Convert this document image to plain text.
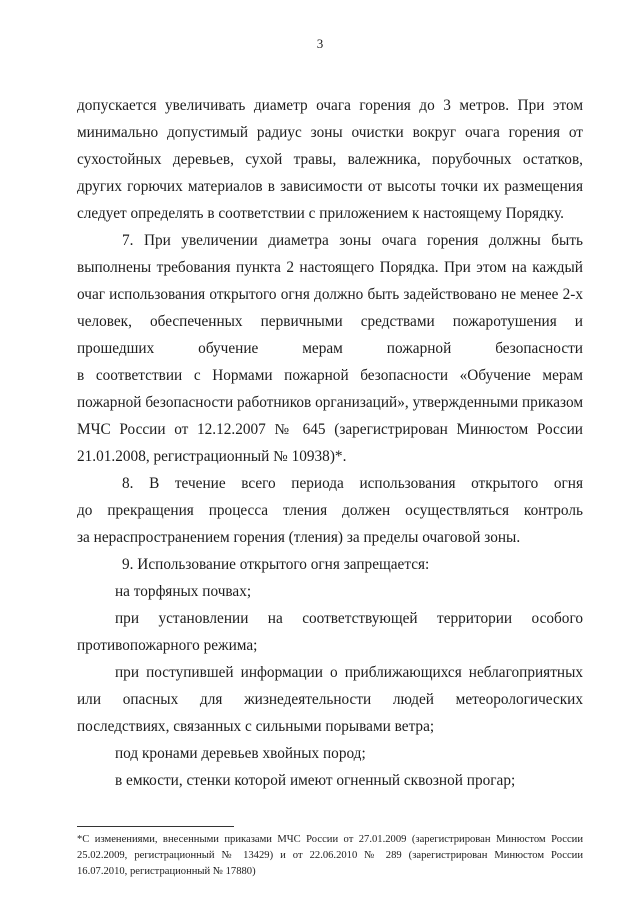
3
допускается увеличивать диаметр очага горения до 3 метров. При этом
минимально допустимый радиус зоны очистки вокруг очага горения от
сухостойных деревьев, сухой травы, валежника, порубочных остатков,
других горючих материалов в зависимости от высоты точки их размещения
следует определять в соответствии с приложением к настоящему Порядку.
7. При увеличении диаметра зоны очага горения должны быть
выполнены требования пункта 2 настоящего Порядка. При этом на каждый
очаг использования открытого огня должно быть задействовано не менее 2-х
человек, обеспеченных первичными средствами пожаротушения и
прошедших обучение мерам пожарной безопасности
в соответствии с Нормами пожарной безопасности «Обучение мерам
пожарной безопасности работников организаций», утвержденными приказом
МЧС России от 12.12.2007 № 645 (зарегистрирован Минюстом России
21.01.2008, регистрационный № 10938)*.
8. В течение всего периода использования открытого огня
до прекращения процесса тления должен осуществляться контроль
за нераспространением горения (тления) за пределы очаговой зоны.
9. Использование открытого огня запрещается:
на торфяных почвах;
при установлении на соответствующей территории особого
противопожарного режима;
при поступившей информации о приближающихся неблагоприятных
или опасных для жизнедеятельности людей метеорологических
последствиях, связанных с сильными порывами ветра;
под кронами деревьев хвойных пород;
в емкости, стенки которой имеют огненный сквозной прогар;
*С изменениями, внесенными приказами МЧС России от 27.01.2009 (зарегистрирован Минюстом России
25.02.2009, регистрационный № 13429) и от 22.06.2010 № 289 (зарегистрирован Минюстом России
16.07.2010, регистрационный № 17880)
